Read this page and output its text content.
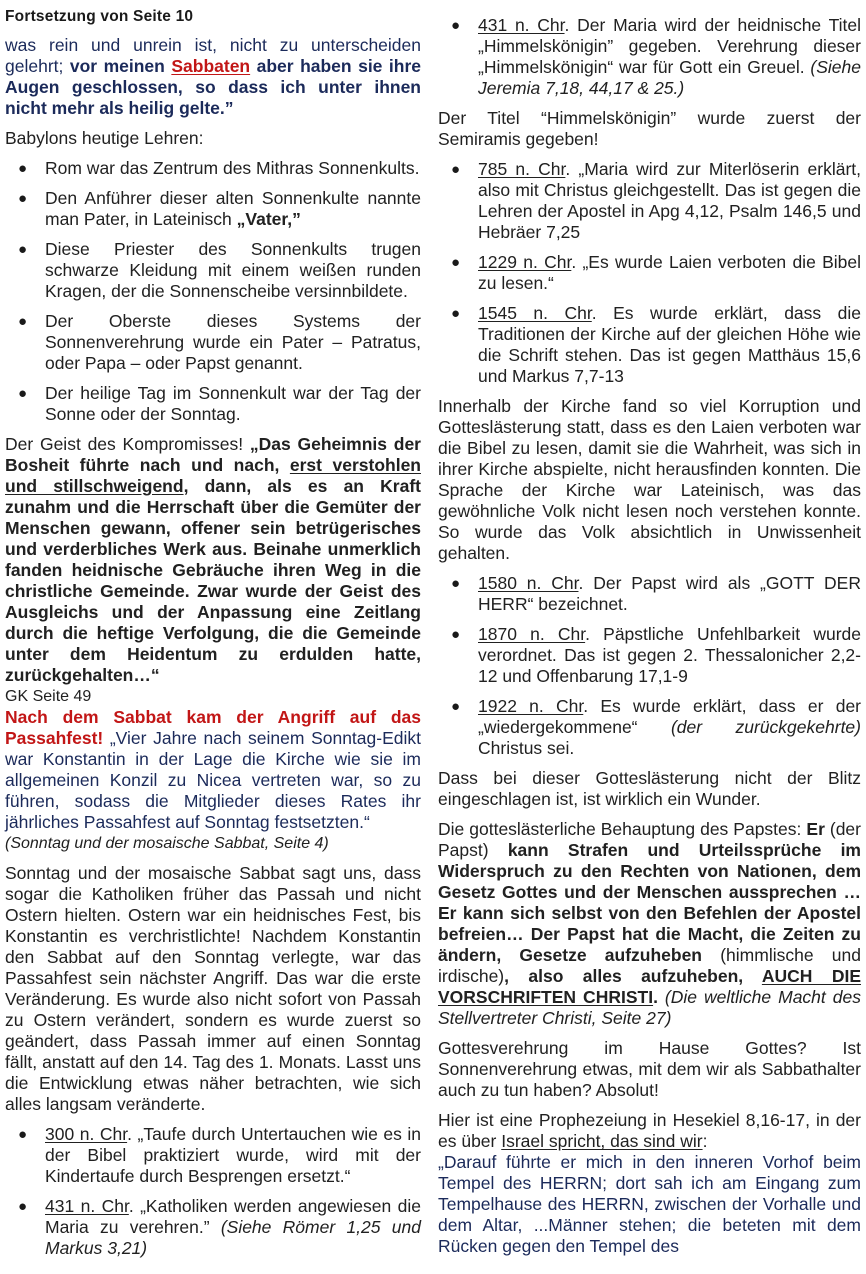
Fortsetzung von Seite 10
was rein und unrein ist, nicht zu unterscheiden gelehrt; vor meinen Sabbaten aber haben sie ihre Augen geschlossen, so dass ich unter ihnen nicht mehr als heilig gelte.”
Babylons heutige Lehren:
●	Rom war das Zentrum des Mithras Sonnenkults.
●	Den Anführer dieser alten Sonnenkulte nannte man Pater, in Lateinisch „Vater,”
●	Diese Priester des Sonnenkults trugen schwarze Kleidung mit einem weißen runden Kragen, der die Sonnenscheibe versinnbildete.
●	Der Oberste dieses Systems der Sonnenverehrung wurde ein Pater – Patratus, oder Papa – oder Papst genannt.
●	Der heilige Tag im Sonnenkult war der Tag der Sonne oder der Sonntag.
Der Geist des Kompromisses! „Das Geheimnis der Bosheit führte nach und nach, erst verstohlen und stillschweigend, dann, als es an Kraft zunahm und die Herrschaft über die Gemüter der Menschen gewann, offener sein betrügerisches und verderbliches Werk aus. Beinahe unmerklich fanden heidnische Gebräuche ihren Weg in die christliche Gemeinde. Zwar wurde der Geist des Ausgleichs und der Anpassung eine Zeitlang durch die heftige Verfolgung, die die Gemeinde unter dem Heidentum zu erdulden hatte, zurückgehalten…“
GK Seite 49
Nach dem Sabbat kam der Angriff auf das Passahfest! „Vier Jahre nach seinem Sonntag-Edikt war Konstantin in der Lage die Kirche wie sie im allgemeinen Konzil zu Nicea vertreten war, so zu führen, sodass die Mitglieder dieses Rates ihr jährliches Passahfest auf Sonntag festsetzten.“
(Sonntag und der mosaische Sabbat, Seite 4)
Sonntag und der mosaische Sabbat sagt uns, dass sogar die Katholiken früher das Passah und nicht Ostern hielten. Ostern war ein heidnisches Fest, bis Konstantin es verchristlichte! Nachdem Konstantin den Sabbat auf den Sonntag verlegte, war das Passahfest sein nächster Angriff. Das war die erste Veränderung. Es wurde also nicht sofort von Passah zu Ostern verändert, sondern es wurde zuerst so geändert, dass Passah immer auf einen Sonntag fällt, anstatt auf den 14. Tag des 1. Monats. Lasst uns die Entwicklung etwas näher betrachten, wie sich alles langsam veränderte.
●	300 n. Chr. „Taufe durch Untertauchen wie es in der Bibel praktiziert wurde, wird mit der Kindertaufe durch Besprengen ersetzt.“
●	431 n. Chr. „Katholiken werden angewiesen die Maria zu verehren.” (Siehe Römer 1,25 und Markus 3,21)
●	431 n. Chr. Der Maria wird der heidnische Titel „Himmelskönigin” gegeben. Verehrung dieser „Himmelskönigin“ war für Gott ein Greuel. (Siehe Jeremia 7,18, 44,17 & 25.)
Der Titel “Himmelskönigin” wurde zuerst der Semiramis gegeben!
●	785 n. Chr. „Maria wird zur Miterlöserin erklärt, also mit Christus gleichgestellt. Das ist gegen die Lehren der Apostel in Apg 4,12, Psalm 146,5 und Hebräer 7,25
●	1229 n. Chr. „Es wurde Laien verboten die Bibel zu lesen.“
●	1545 n. Chr. Es wurde erklärt, dass die Traditionen der Kirche auf der gleichen Höhe wie die Schrift stehen. Das ist gegen Matthäus 15,6 und Markus 7,7-13
Innerhalb der Kirche fand so viel Korruption und Gotteslästerung statt, dass es den Laien verboten war die Bibel zu lesen, damit sie die Wahrheit, was sich in ihrer Kirche abspielte, nicht herausfinden konnten. Die Sprache der Kirche war Lateinisch, was das gewöhnliche Volk nicht lesen noch verstehen konnte. So wurde das Volk absichtlich in Unwissenheit gehalten.
●	1580 n. Chr. Der Papst wird als „GOTT DER HERR“ bezeichnet.
●	1870 n. Chr. Päpstliche Unfehlbarkeit wurde verordnet. Das ist gegen 2. Thessalonicher 2,2-12 und Offenbarung 17,1-9
●	1922 n. Chr. Es wurde erklärt, dass er der „wiedergekommene“ (der zurückgekehrte) Christus sei.
Dass bei dieser Gotteslästerung nicht der Blitz eingeschlagen ist, ist wirklich ein Wunder.
Die gotteslästerliche Behauptung des Papstes: Er (der Papst) kann Strafen und Urteilssprüche im Widerspruch zu den Rechten von Nationen, dem Gesetz Gottes und der Menschen aussprechen … Er kann sich selbst von den Befehlen der Apostel befreien… Der Papst hat die Macht, die Zeiten zu ändern, Gesetze aufzuheben (himmlische und irdische), also alles aufzuheben, AUCH DIE VORSCHRIFTEN CHRISTI. (Die weltliche Macht des Stellvertreter Christi, Seite 27)
Gottesverehrung im Hause Gottes? Ist Sonnenverehrung etwas, mit dem wir als Sabbathalter auch zu tun haben? Absolut!
Hier ist eine Prophezeiung in Hesekiel 8,16-17, in der es über Israel spricht, das sind wir:
„Darauf führte er mich in den inneren Vorhof beim Tempel des HERRN; dort sah ich am Eingang zum Tempelhause des HERRN, zwischen der Vorhalle und dem Altar, ...Männer stehen; die beteten mit dem Rücken gegen den Tempel des
